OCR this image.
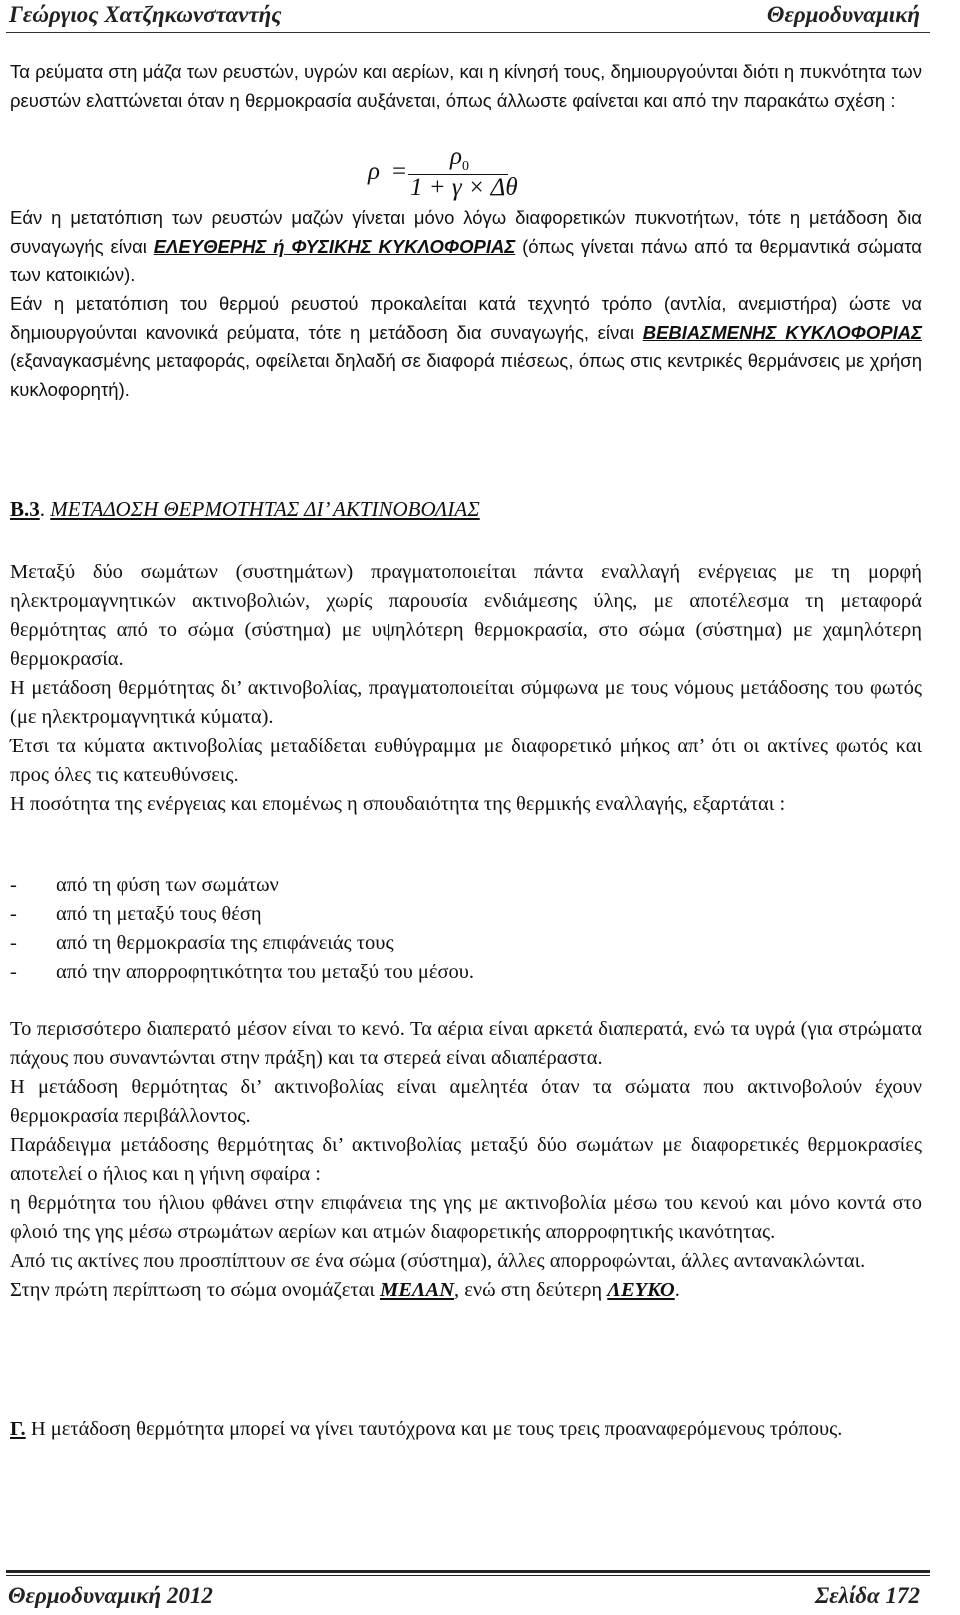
Γεώργιος Χατζηκωνσταντής	Θερμοδυναμική

Τα ρεύματα στη μάζα των ρευστών, υγρών και αερίων, και η κίνησή τους, δημιουργούνται διότι η πυκνότητα των ρευστών ελαττώνεται όταν η θερμοκρασία αυξάνεται, όπως άλλωστε φαίνεται και από την παρακάτω σχέση :

ρ =
$\rho_0$
1 + γ × Δθ

Εάν η μετατόπιση των ρευστών μαζών γίνεται μόνο λόγω διαφορετικών πυκνοτήτων, τότε η μετάδοση δια συναγωγής είναι ΕΛΕΥΘΕΡΗΣ ή ΦΥΣΙΚΗΣ ΚΥΚΛΟΦΟΡΙΑΣ (όπως γίνεται πάνω από τα θερμαντικά σώματα των κατοικιών).

Εάν η μετατόπιση του θερμού ρευστού προκαλείται κατά τεχνητό τρόπο (αντλία, ανεμιστήρα) ώστε να δημιουργούνται κανονικά ρεύματα, τότε η μετάδοση δια συναγωγής, είναι ΒΕΒΙΑΣΜΕΝΗΣ ΚΥΚΛΟΦΟΡΙΑΣ (εξαναγκασμένης μεταφοράς, οφείλεται δηλαδή σε διαφορά πιέσεως, όπως στις κεντρικές θερμάνσεις με χρήση κυκλοφορητή).

Β.3. ΜΕΤΑΔΟΣΗ ΘΕΡΜΟΤΗΤΑΣ ΔΙ’ ΑΚΤΙΝΟΒΟΛΙΑΣ

Μεταξύ δύο σωμάτων (συστημάτων) πραγματοποιείται πάντα εναλλαγή ενέργειας με τη μορφή ηλεκτρομαγνητικών ακτινοβολιών, χωρίς παρουσία ενδιάμεσης ύλης, με αποτέλεσμα τη μεταφορά θερμότητας από το σώμα (σύστημα) με υψηλότερη θερμοκρασία, στο σώμα (σύστημα) με χαμηλότερη θερμοκρασία.

Η μετάδοση θερμότητας δι’ ακτινοβολίας, πραγματοποιείται σύμφωνα με τους νόμους μετάδοσης του φωτός (με ηλεκτρομαγνητικά κύματα).

Έτσι τα κύματα ακτινοβολίας μεταδίδεται ευθύγραμμα με διαφορετικό μήκος απ’ ότι οι ακτίνες φωτός και προς όλες τις κατευθύνσεις.

Η ποσότητα της ενέργειας και επομένως η σπουδαιότητα της θερμικής εναλλαγής, εξαρτάται :

- από τη φύση των σωμάτων
- από τη μεταξύ τους θέση
- από τη θερμοκρασία της επιφάνειάς τους
- από την απορροφητικότητα του μεταξύ του μέσου.

Το περισσότερο διαπερατό μέσον είναι το κενό. Τα αέρια είναι αρκετά διαπερατά, ενώ τα υγρά (για στρώματα πάχους που συναντώνται στην πράξη) και τα στερεά είναι αδιαπέραστα.

Η μετάδοση θερμότητας δι’ ακτινοβολίας είναι αμελητέα όταν τα σώματα που ακτινοβολούν έχουν θερμοκρασία περιβάλλοντος.

Παράδειγμα μετάδοσης θερμότητας δι’ ακτινοβολίας μεταξύ δύο σωμάτων με διαφορετικές θερμοκρασίες αποτελεί ο ήλιος και η γήινη σφαίρα :

η θερμότητα του ήλιου φθάνει στην επιφάνεια της γης με ακτινοβολία μέσω του κενού και μόνο κοντά στο φλοιό της γης μέσω στρωμάτων αερίων και ατμών διαφορετικής απορροφητικής ικανότητας.

Από τις ακτίνες που προσπίπτουν σε ένα σώμα (σύστημα), άλλες απορροφώνται, άλλες αντανακλώνται.

Στην πρώτη περίπτωση το σώμα ονομάζεται ΜΕΛΑΝ, ενώ στη δεύτερη ΛΕΥΚΟ.

Γ. Η μετάδοση θερμότητα μπορεί να γίνει ταυτόχρονα και με τους τρεις προαναφερόμενους τρόπους.

Θερμοδυναμική 2012	Σελίδα 172
